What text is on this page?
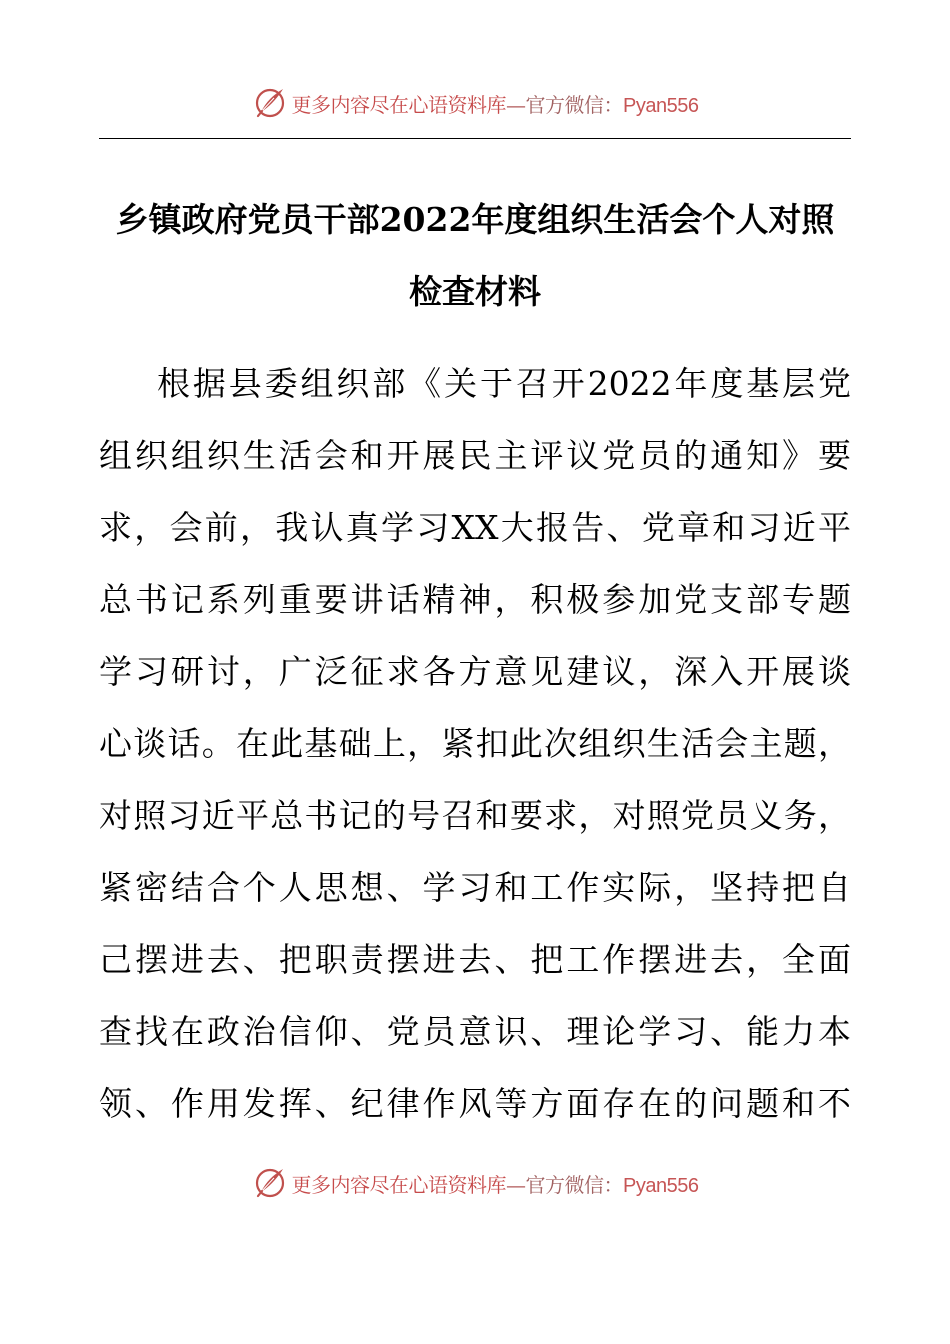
更多内容尽在心语资料库—官方微信：Pyan556
乡镇政府党员干部2022年度组织生活会个人对照
检查材料
根据县委组织部《关于召开2022年度基层党
组织组织生活会和开展民主评议党员的通知》要
求，会前，我认真学习XX大报告、党章和习近平
总书记系列重要讲话精神，积极参加党支部专题
学习研讨，广泛征求各方意见建议，深入开展谈
心谈话。在此基础上，紧扣此次组织生活会主题，
对照习近平总书记的号召和要求，对照党员义务，
紧密结合个人思想、学习和工作实际，坚持把自
己摆进去、把职责摆进去、把工作摆进去，全面
查找在政治信仰、党员意识、理论学习、能力本
领、作用发挥、纪律作风等方面存在的问题和不
更多内容尽在心语资料库—官方微信：Pyan556
